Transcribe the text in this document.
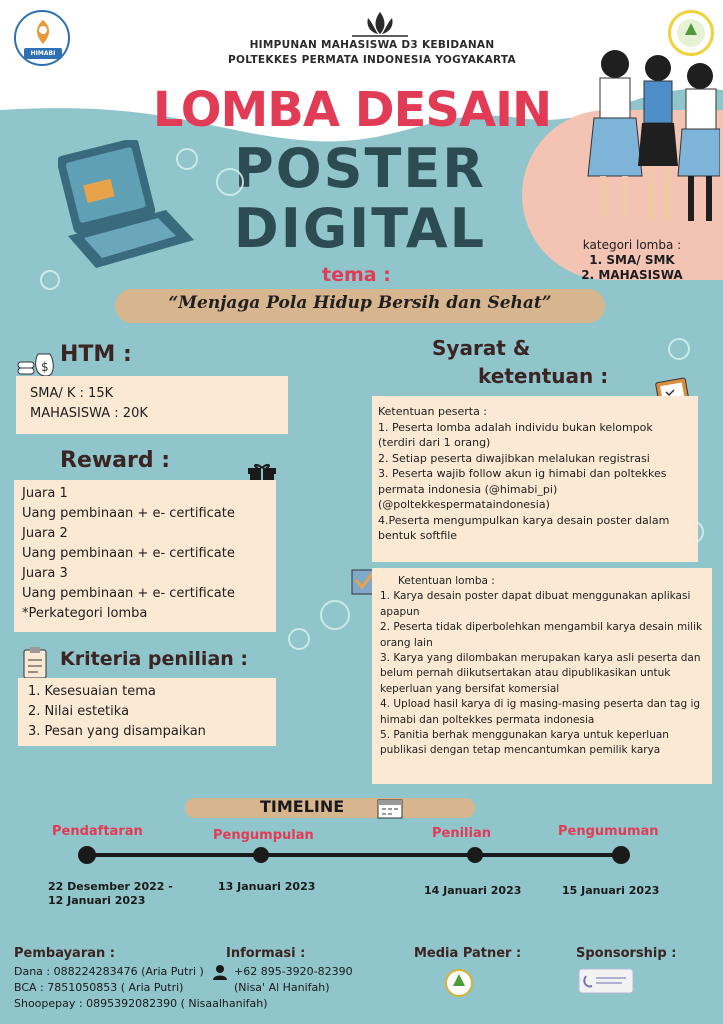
kategori lomba :
1. SMA/ SMK
2. MAHASISWA
HIMABI
HIMPUNAN MAHASISWA D3 KEBIDANAN
POLTEKKES PERMATA INDONESIA YOGYAKARTA
LOMBA DESAIN
POSTER
DIGITAL
tema :
“Menjaga Pola Hidup Bersih dan Sehat”
$ HTM :
SMA/ K : 15K
MAHASISWA : 20K
Reward :
Juara 1
Uang pembinaan + e- certificate
Juara 2
Uang pembinaan + e- certificate
Juara 3
Uang pembinaan + e- certificate
*Perkategori lomba
Kriteria penilian :
1. Kesesuaian tema
2. Nilai estetika
3. Pesan yang disampaikan
Syarat &
ketentuan :
Ketentuan peserta :
1. Peserta lomba adalah individu bukan kelompok (terdiri dari 1 orang)
2. Setiap peserta diwajibkan melalukan registrasi
3. Peserta wajib follow akun ig himabi dan poltekkes permata indonesia (@himabi_pi) (@poltekkespermataindonesia)
4.Peserta mengumpulkan karya desain poster dalam bentuk softfile
Ketentuan lomba :
1. Karya desain poster dapat dibuat menggunakan aplikasi apapun
2. Peserta tidak diperbolehkan mengambil karya desain milik orang lain
3. Karya yang dilombakan merupakan karya asli peserta dan belum pernah diikutsertakan atau dipublikasikan untuk keperluan yang bersifat komersial
4. Upload hasil karya di ig masing-masing peserta dan tag ig himabi dan poltekkes permata indonesia
5. Panitia berhak menggunakan karya untuk keperluan publikasi dengan tetap mencantumkan pemilik karya
TIMELINE
Pendaftaran	Pengumpulan	Penilian	Pengumuman
22 Desember 2022 -
12 Januari 2023
13 Januari 2023	14 Januari 2023	15 Januari 2023
Pembayaran :
Dana : 088224283476 (Aria Putri )
BCA : 7851050853 ( Aria Putri)
Shoopepay : 0895392082390 ( Nisaalhanifah)
Informasi :
+62 895-3920-82390
(Nisa' Al Hanifah)
Media Patner :	Sponsorship :
